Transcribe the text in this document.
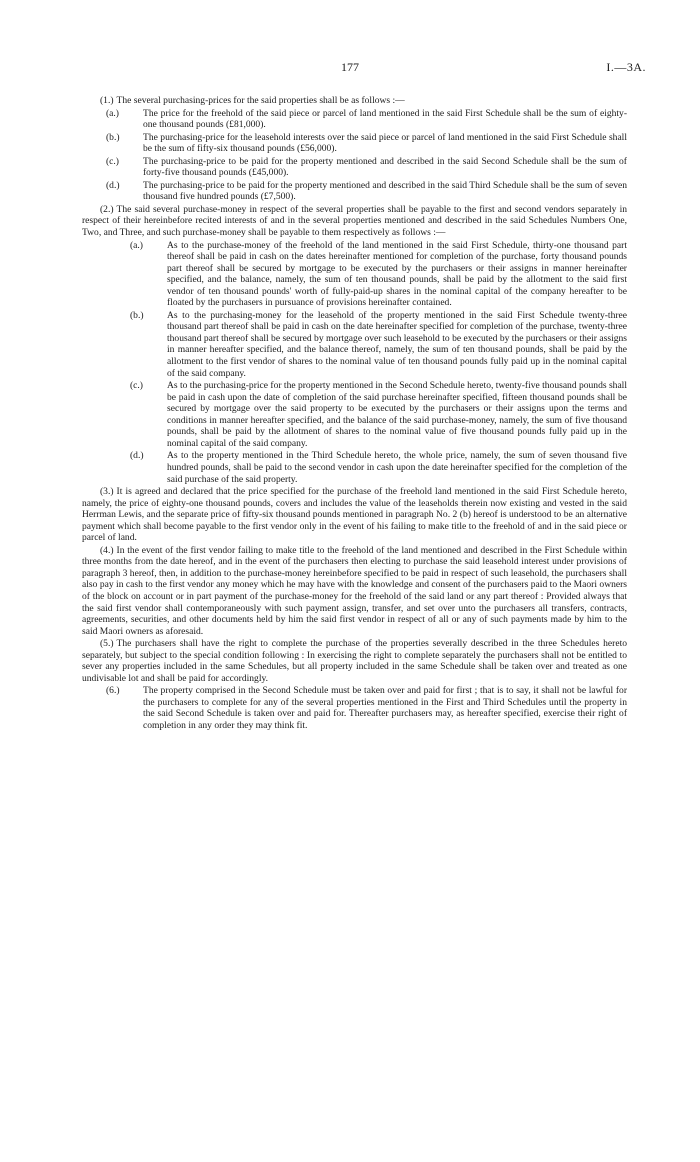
177	I.—3A.

(1.) The several purchasing-prices for the said properties shall be as follows :—

(a.)	The price for the freehold of the said piece or parcel of land mentioned in the said First Schedule shall be the sum of eighty-one thousand pounds (£81,000).

(b.) The purchasing-price for the leasehold interests over the said piece or parcel of land mentioned in the said First Schedule shall be the sum of fifty-six thousand pounds (£56,000).

(c.)	The purchasing-price to be paid for the property mentioned and described in the said Second Schedule shall be the sum of forty-five thousand pounds (£45,000).

(d.) The purchasing-price to be paid for the property mentioned and described in the said Third Schedule shall be the sum of seven thousand five hundred pounds (£7,500).

(2.) The said several purchase-money in respect of the several properties shall be payable to the first and second vendors separately in respect of their hereinbefore recited interests of and in the several properties mentioned and described in the said Schedules Numbers One, Two, and Three, and such purchase-money shall be payable to them respectively as follows :—

(a.)	As to the purchase-money of the freehold of the land mentioned in the said First Schedule, thirty-one thousand part thereof shall be paid in cash on the dates hereinafter mentioned for completion of the purchase, forty thousand pounds part thereof shall be secured by mortgage to be executed by the purchasers or their assigns in manner hereinafter specified, and the balance, namely, the sum of ten thousand pounds, shall be paid by the allotment to the said first vendor of ten thousand pounds' worth of fully-paid-up shares in the nominal capital of the company hereafter to be floated by the purchasers in pursuance of provisions hereinafter contained.

(b.) As to the purchasing-money for the leasehold of the property mentioned in the said First Schedule twenty-three thousand part thereof shall be paid in cash on the date hereinafter specified for completion of the purchase, twenty-three thousand part thereof shall be secured by mortgage over such leasehold to be executed by the purchasers or their assigns in manner hereafter specified, and the balance thereof, namely, the sum of ten thousand pounds, shall be paid by the allotment to the first vendor of shares to the nominal value of ten thousand pounds fully paid up in the nominal capital of the said company.

(c.)	As to the purchasing-price for the property mentioned in the Second Schedule hereto, twenty-five thousand pounds shall be paid in cash upon the date of completion of the said purchase hereinafter specified, fifteen thousand pounds shall be secured by mortgage over the said property to be executed by the purchasers or their assigns upon the terms and conditions in manner hereafter specified, and the balance of the said purchase-money, namely, the sum of five thousand pounds, shall be paid by the allotment of shares to the nominal value of five thousand pounds fully paid up in the nominal capital of the said company.

(d.) As to the property mentioned in the Third Schedule hereto, the whole price, namely, the sum of seven thousand five hundred pounds, shall be paid to the second vendor in cash upon the date hereinafter specified for the completion of the said purchase of the said property.

(3.) It is agreed and declared that the price specified for the purchase of the freehold land mentioned in the said First Schedule hereto, namely, the price of eighty-one thousand pounds, covers and includes the value of the leaseholds therein now existing and vested in the said Herrman Lewis, and the separate price of fifty-six thousand pounds mentioned in paragraph No. 2 (b) hereof is understood to be an alternative payment which shall become payable to the first vendor only in the event of his failing to make title to the freehold of and in the said piece or parcel of land.

(4.) In the event of the first vendor failing to make title to the freehold of the land mentioned and described in the First Schedule within three months from the date hereof, and in the event of the purchasers then electing to purchase the said leasehold interest under provisions of paragraph 3 hereof, then, in addition to the purchase-money hereinbefore specified to be paid in respect of such leasehold, the purchasers shall also pay in cash to the first vendor any money which he may have with the knowledge and consent of the purchasers paid to the Maori owners of the block on account or in part payment of the purchase-money for the freehold of the said land or any part thereof : Provided always that the said first vendor shall contemporaneously with such payment assign, transfer, and set over unto the purchasers all transfers, contracts, agreements, securities, and other documents held by him the said first vendor in respect of all or any of such payments made by him to the said Maori owners as aforesaid.

(5.) The purchasers shall have the right to complete the purchase of the properties severally described in the three Schedules hereto separately, but subject to the special condition following : In exercising the right to complete separately the purchasers shall not be entitled to sever any properties included in the same Schedules, but all property included in the same Schedule shall be taken over and treated as one undivisable lot and shall be paid for accordingly.

(6.) The property comprised in the Second Schedule must be taken over and paid for first ; that is to say, it shall not be lawful for the purchasers to complete for any of the several properties mentioned in the First and Third Schedules until the property in the said Second Schedule is taken over and paid for. Thereafter purchasers may, as hereafter specified, exercise their right of completion in any order they may think fit.
